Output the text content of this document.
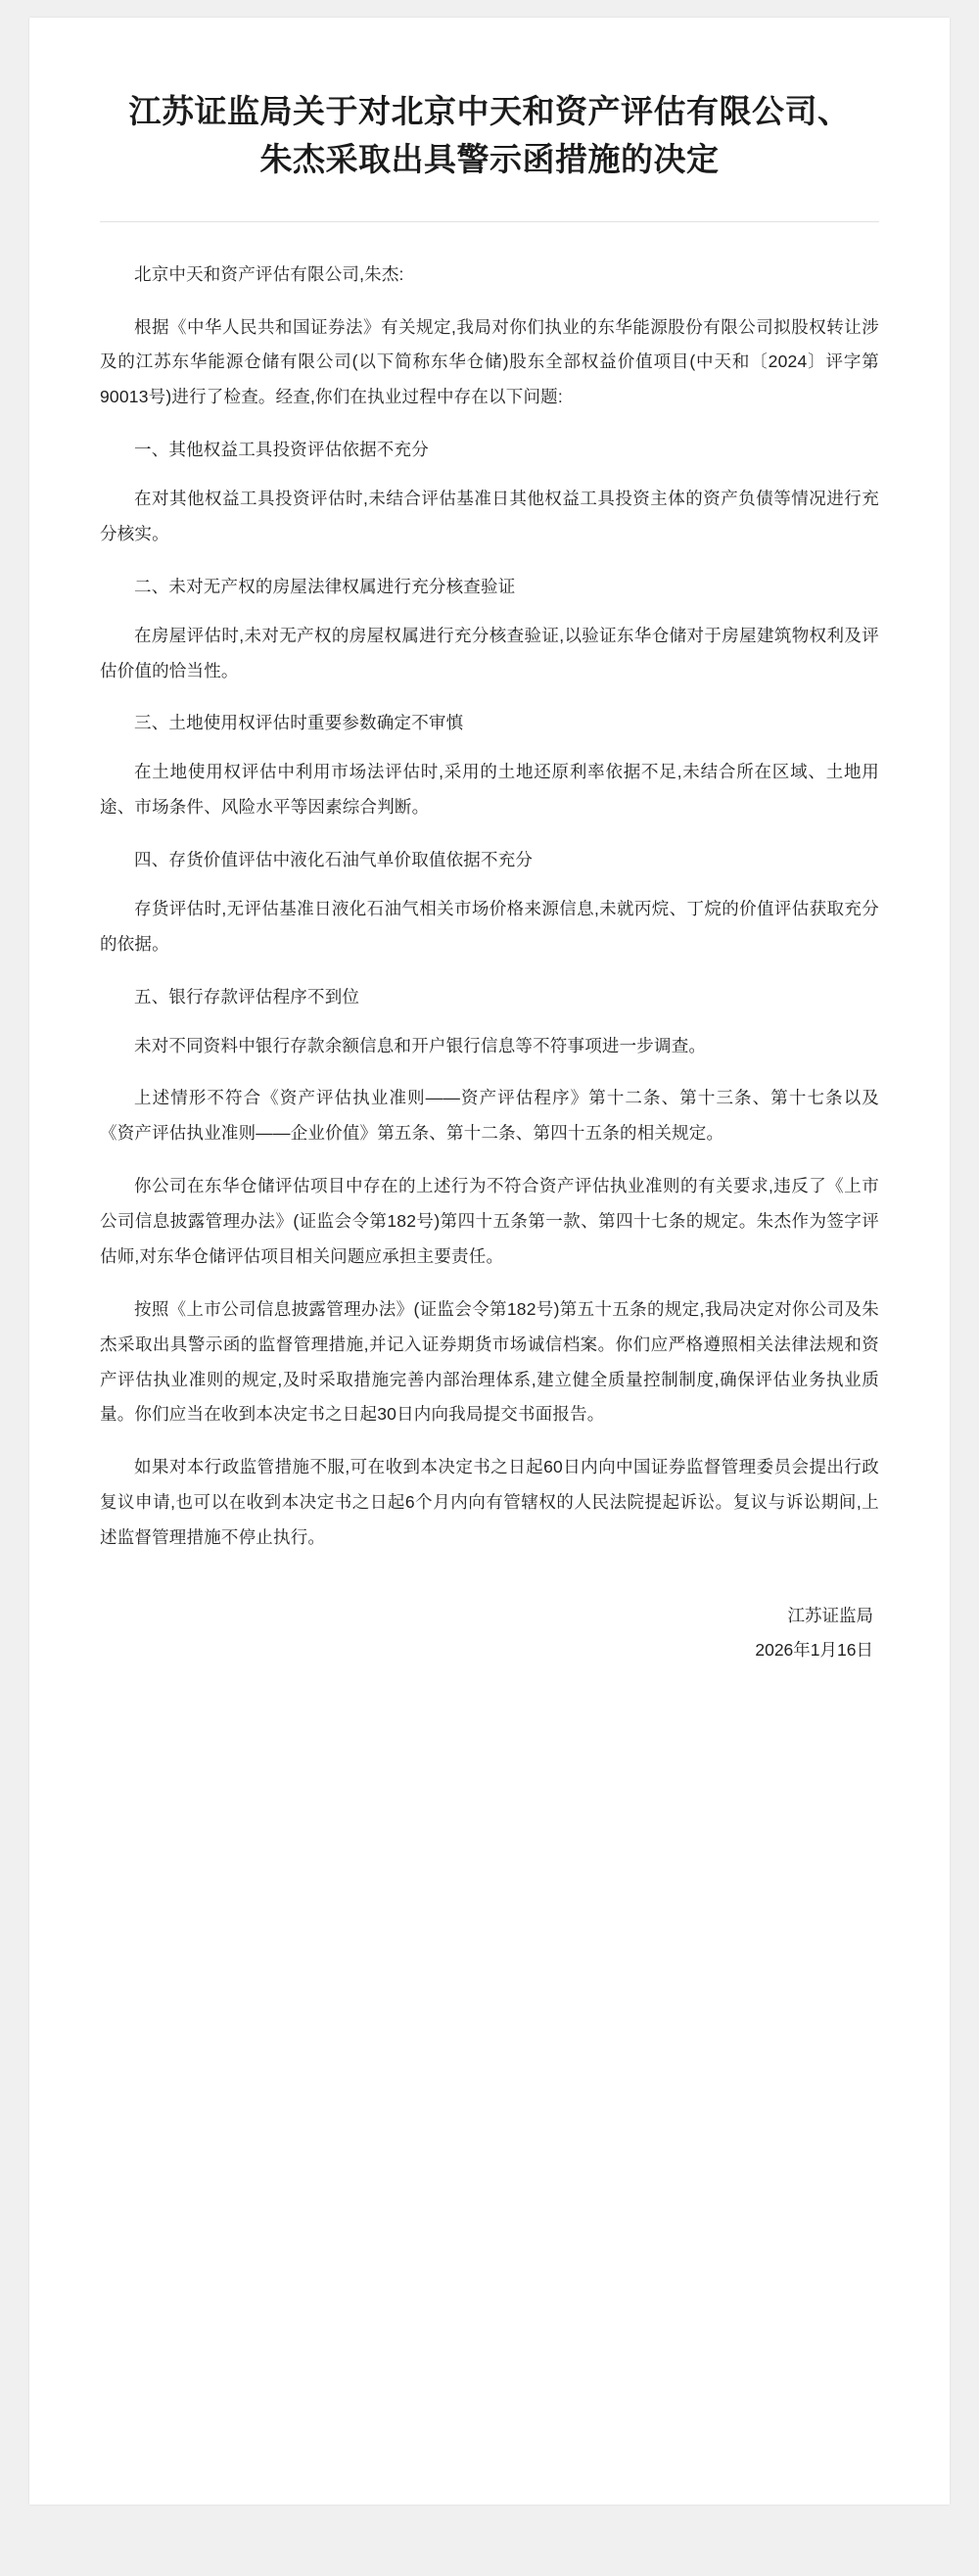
江苏证监局关于对北京中天和资产评估有限公司、朱杰采取出具警示函措施的决定

北京中天和资产评估有限公司,朱杰:

根据《中华人民共和国证券法》有关规定,我局对你们执业的东华能源股份有限公司拟股权转让涉及的江苏东华能源仓储有限公司(以下简称东华仓储)股东全部权益价值项目(中天和〔2024〕评字第90013号)进行了检查。经查,你们在执业过程中存在以下问题:

一、其他权益工具投资评估依据不充分

在对其他权益工具投资评估时,未结合评估基准日其他权益工具投资主体的资产负债等情况进行充分核实。

二、未对无产权的房屋法律权属进行充分核查验证

在房屋评估时,未对无产权的房屋权属进行充分核查验证,以验证东华仓储对于房屋建筑物权利及评估价值的恰当性。

三、土地使用权评估时重要参数确定不审慎

在土地使用权评估中利用市场法评估时,采用的土地还原利率依据不足,未结合所在区域、土地用途、市场条件、风险水平等因素综合判断。

四、存货价值评估中液化石油气单价取值依据不充分

存货评估时,无评估基准日液化石油气相关市场价格来源信息,未就丙烷、丁烷的价值评估获取充分的依据。

五、银行存款评估程序不到位

未对不同资料中银行存款余额信息和开户银行信息等不符事项进一步调查。

上述情形不符合《资产评估执业准则——资产评估程序》第十二条、第十三条、第十七条以及《资产评估执业准则——企业价值》第五条、第十二条、第四十五条的相关规定。

你公司在东华仓储评估项目中存在的上述行为不符合资产评估执业准则的有关要求,违反了《上市公司信息披露管理办法》(证监会令第182号)第四十五条第一款、第四十七条的规定。朱杰作为签字评估师,对东华仓储评估项目相关问题应承担主要责任。

按照《上市公司信息披露管理办法》(证监会令第182号)第五十五条的规定,我局决定对你公司及朱杰采取出具警示函的监督管理措施,并记入证券期货市场诚信档案。你们应严格遵照相关法律法规和资产评估执业准则的规定,及时采取措施完善内部治理体系,建立健全质量控制制度,确保评估业务执业质量。你们应当在收到本决定书之日起30日内向我局提交书面报告。

如果对本行政监管措施不服,可在收到本决定书之日起60日内向中国证券监督管理委员会提出行政复议申请,也可以在收到本决定书之日起6个月内向有管辖权的人民法院提起诉讼。复议与诉讼期间,上述监督管理措施不停止执行。

江苏证监局
2026年1月16日
